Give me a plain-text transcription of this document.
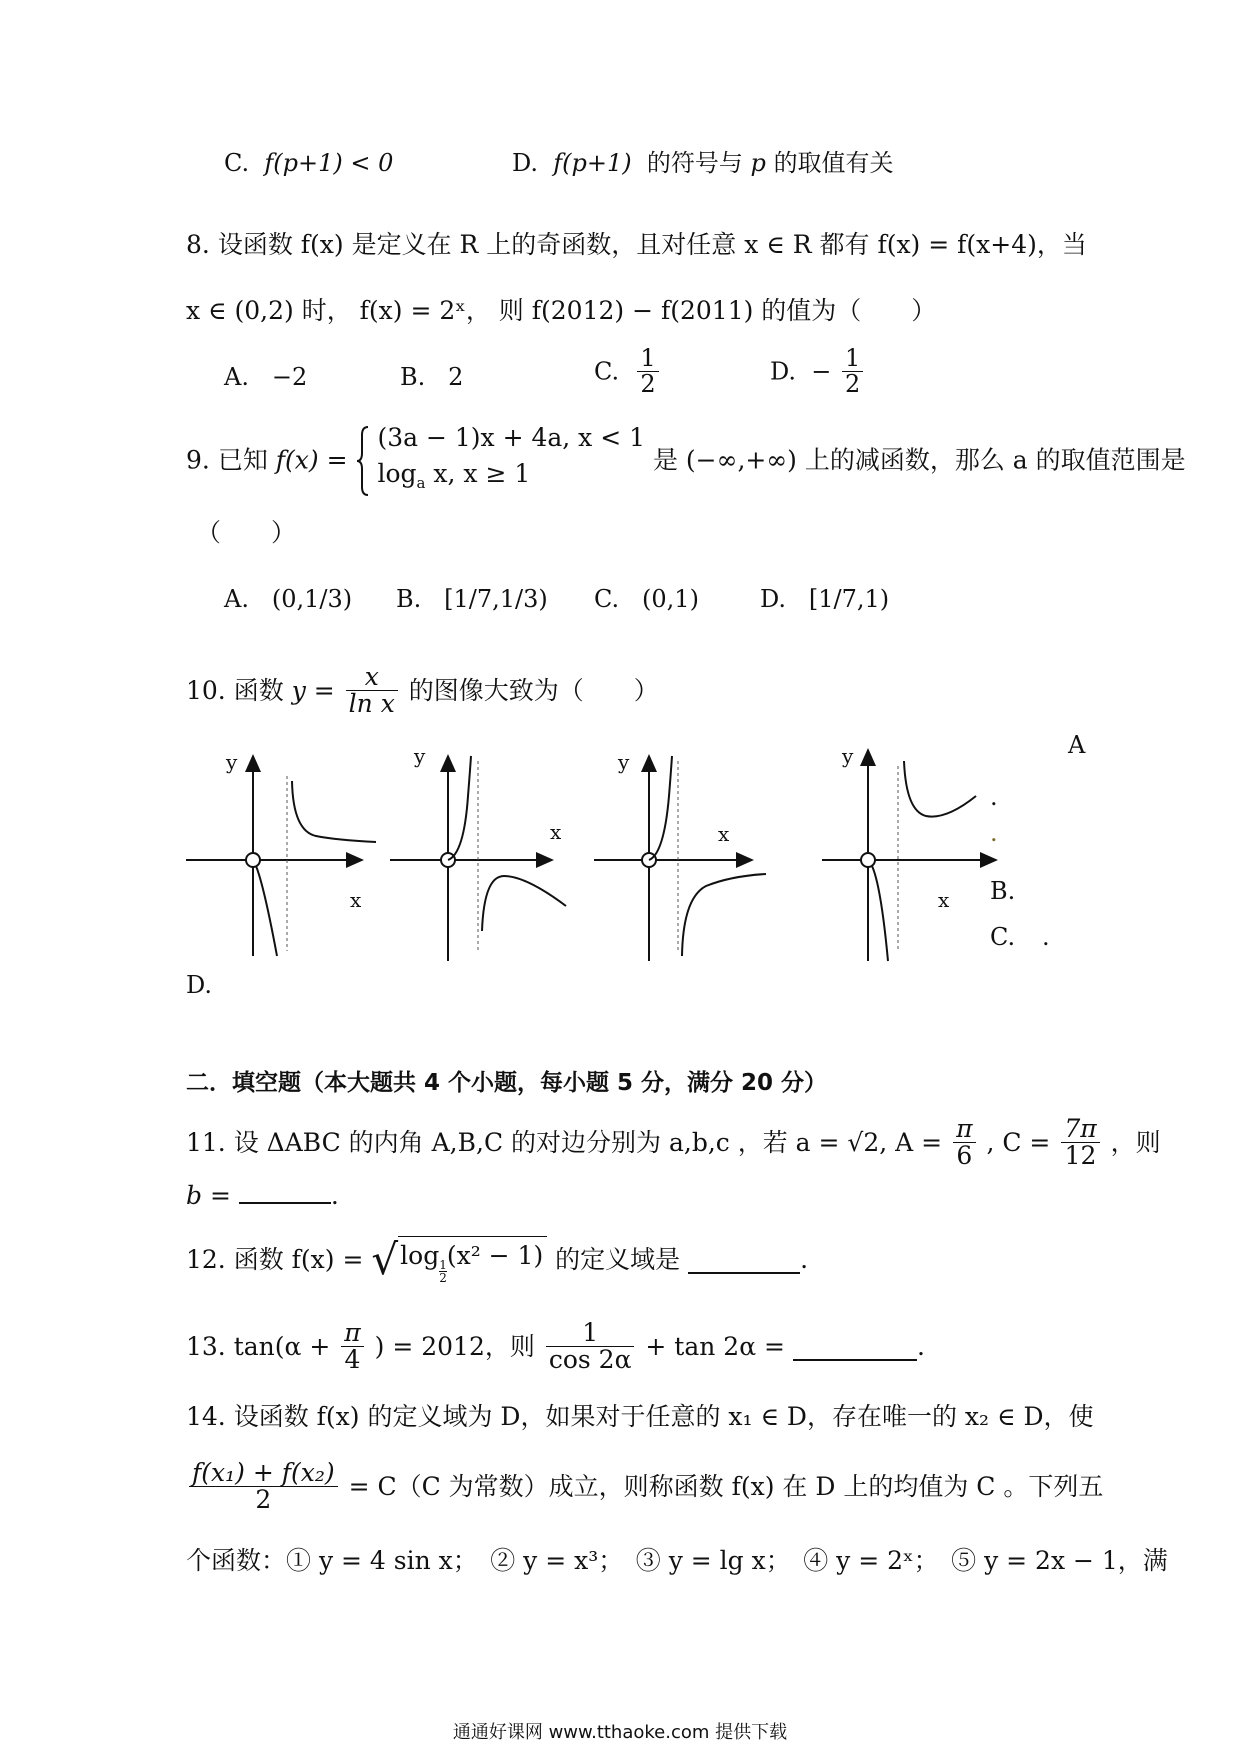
C. f(p+1) < 0	D. f(p+1) 的符号与 p 的取值有关
8. 设函数 f(x) 是定义在 R 上的奇函数，且对任意 x ∈ R 都有 f(x) = f(x+4)，当
x ∈ (0,2) 时， f(x) = 2ˣ， 则 f(2012) − f(2011) 的值为（　　）
A. −2	B. 2	C. $\frac{1}{2}$	D. − $\frac{1}{2}$
9. 已知 f(x) =
(3a − 1)x + 4a, x < 1
$\log_a x$, x ≥ 1	是 (−∞,+∞) 上的减函数，那么 a 的取值范围是
（　　）
A. (0,1/3) B. [1/7,1/3) C. (0,1)	D. [1/7,1)
10. 函数 $y = \frac{x}{\text{ln x}}$ 的图像大致为（　　）
y
x
y
x
y
x
y
x
A
.
.
B.
C. .
D.
二．填空题（本大题共 4 个小题，每小题 5 分，满分 20 分）
11. 设 ΔABC 的内角 A,B,C 的对边分别为 a,b,c ，若 a = √2, $A = \frac{\pi}{6}$ , $C = \frac{7\pi}{12}$ ，则
b =	.
12. 函数 f(x) = √log
$\frac{1}{2}$
(x² − 1) 的定义域是	.
13. $\tan(\alpha + \frac{\pi}{4}$ ) = 2012，则 $\frac{1}{\cos 2\alpha} + \tan 2\alpha$ =	.
14. 设函数 f(x) 的定义域为 D，如果对于任意的 x₁ ∈ D，存在唯一的 x₂ ∈ D，使
$\frac{\text{f(x₁) + f(x₂)}}{2} = C(C$ 为常数）成立，则称函数 f(x) 在 D 上的均值为 C 。下列五
个函数：① y = 4 sin x；　② y = x³；　③ y = lg x；　④ y = 2ˣ；　⑤ y = 2x − 1，满
通通好课网 www.tthaoke.com 提供下载
